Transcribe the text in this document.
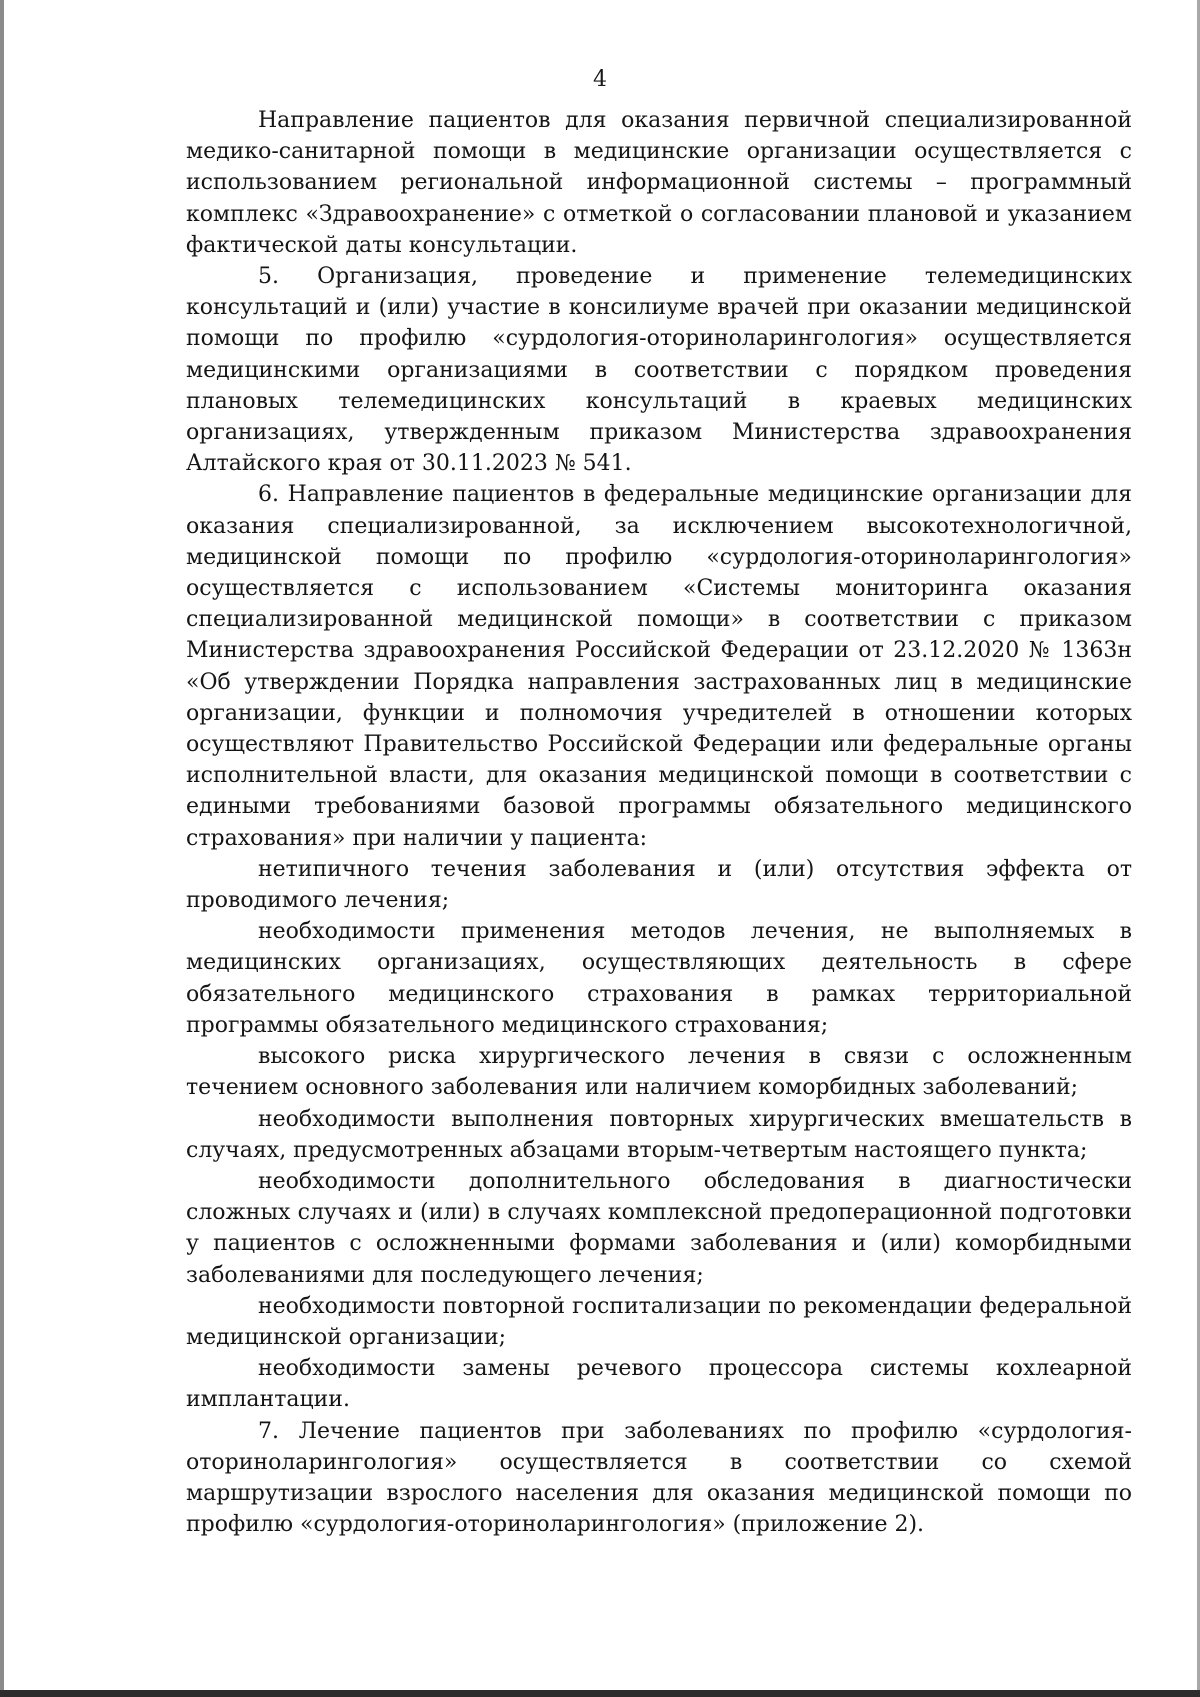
4

Направление пациентов для оказания первичной специализированной медико-санитарной помощи в медицинские организации осуществляется с использованием региональной информационной системы – программный комплекс «Здравоохранение» с отметкой о согласовании плановой и указанием фактической даты консультации.

5. Организация, проведение и применение телемедицинских консультаций и (или) участие в консилиуме врачей при оказании медицинской помощи по профилю «сурдология-оториноларингология» осуществляется медицинскими организациями в соответствии с порядком проведения плановых телемедицинских консультаций в краевых медицинских организациях, утвержденным приказом Министерства здравоохранения Алтайского края от 30.11.2023 № 541.

6. Направление пациентов в федеральные медицинские организации для оказания специализированной, за исключением высокотехнологичной, медицинской помощи по профилю «сурдология-оториноларингология» осуществляется с использованием «Системы мониторинга оказания специализированной медицинской помощи» в соответствии с приказом Министерства здравоохранения Российской Федерации от 23.12.2020 № 1363н «Об утверждении Порядка направления застрахованных лиц в медицинские организации, функции и полномочия учредителей в отношении которых осуществляют Правительство Российской Федерации или федеральные органы исполнительной власти, для оказания медицинской помощи в соответствии с едиными требованиями базовой программы обязательного медицинского страхования» при наличии у пациента:

нетипичного течения заболевания и (или) отсутствия эффекта от проводимого лечения;

необходимости применения методов лечения, не выполняемых в медицинских организациях, осуществляющих деятельность в сфере обязательного медицинского страхования в рамках территориальной программы обязательного медицинского страхования;

высокого риска хирургического лечения в связи с осложненным течением основного заболевания или наличием коморбидных заболеваний;

необходимости выполнения повторных хирургических вмешательств в случаях, предусмотренных абзацами вторым-четвертым настоящего пункта;

необходимости дополнительного обследования в диагностически сложных случаях и (или) в случаях комплексной предоперационной подготовки у пациентов с осложненными формами заболевания и (или) коморбидными заболеваниями для последующего лечения;

необходимости повторной госпитализации по рекомендации федеральной медицинской организации;

необходимости замены речевого процессора системы кохлеарной имплантации.

7. Лечение пациентов при заболеваниях по профилю «сурдология-оториноларингология» осуществляется в соответствии со схемой маршрутизации взрослого населения для оказания медицинской помощи по профилю «сурдология-оториноларингология» (приложение 2).
